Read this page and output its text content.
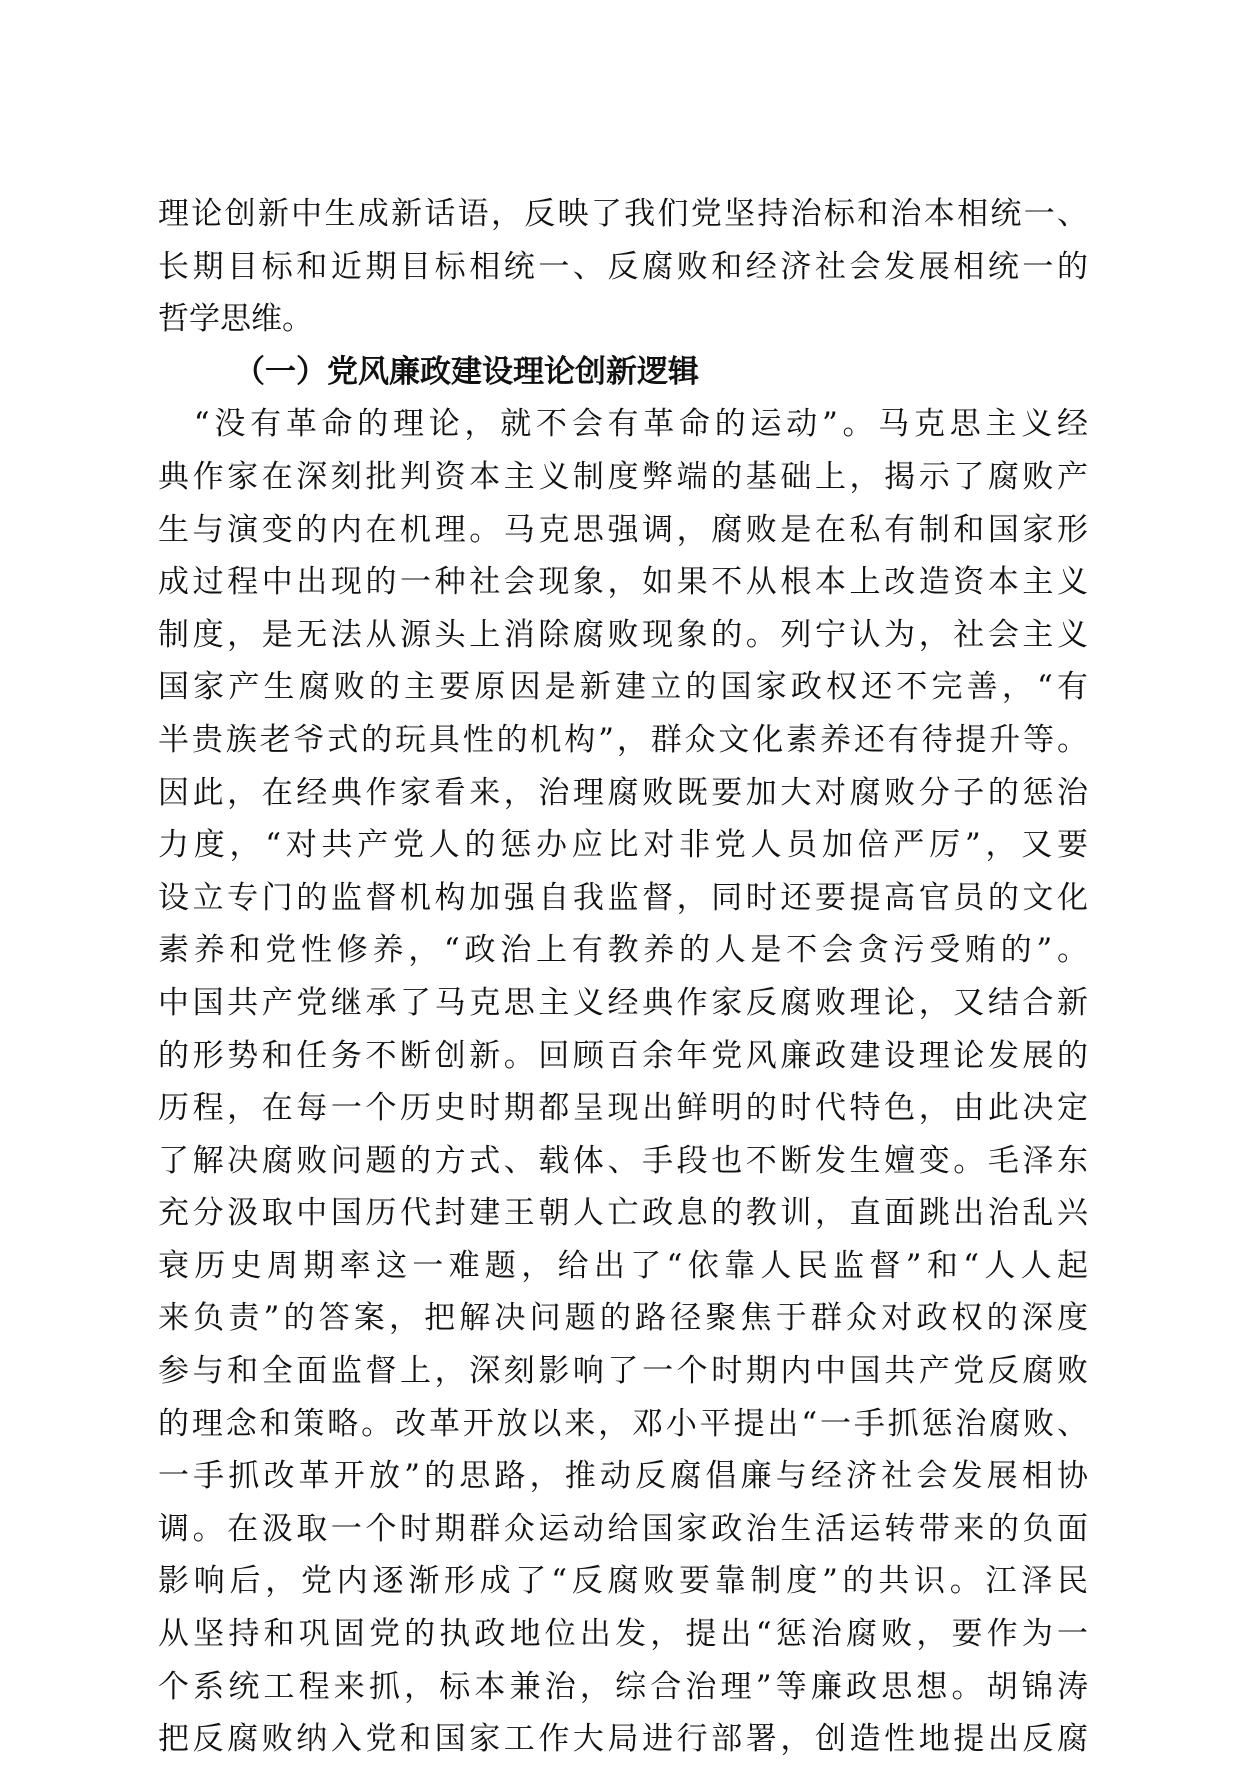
理论创新中生成新话语，反映了我们党坚持治标和治本相统一、
长期目标和近期目标相统一、反腐败和经济社会发展相统一的
哲学思维。
（一）党风廉政建设理论创新逻辑
　“没有革命的理论，就不会有革命的运动”。马克思主义经
典作家在深刻批判资本主义制度弊端的基础上，揭示了腐败产
生与演变的内在机理。马克思强调，腐败是在私有制和国家形
成过程中出现的一种社会现象，如果不从根本上改造资本主义
制度，是无法从源头上消除腐败现象的。列宁认为，社会主义
国家产生腐败的主要原因是新建立的国家政权还不完善，“有
半贵族老爷式的玩具性的机构”，群众文化素养还有待提升等。
因此，在经典作家看来，治理腐败既要加大对腐败分子的惩治
力度，“对共产党人的惩办应比对非党人员加倍严厉”，又要
设立专门的监督机构加强自我监督，同时还要提高官员的文化
素养和党性修养，“政治上有教养的人是不会贪污受贿的”。
中国共产党继承了马克思主义经典作家反腐败理论，又结合新
的形势和任务不断创新。回顾百余年党风廉政建设理论发展的
历程，在每一个历史时期都呈现出鲜明的时代特色，由此决定
了解决腐败问题的方式、载体、手段也不断发生嬗变。毛泽东
充分汲取中国历代封建王朝人亡政息的教训，直面跳出治乱兴
衰历史周期率这一难题，给出了“依靠人民监督”和“人人起
来负责”的答案，把解决问题的路径聚焦于群众对政权的深度
参与和全面监督上，深刻影响了一个时期内中国共产党反腐败
的理念和策略。改革开放以来，邓小平提出“一手抓惩治腐败、
一手抓改革开放”的思路，推动反腐倡廉与经济社会发展相协
调。在汲取一个时期群众运动给国家政治生活运转带来的负面
影响后，党内逐渐形成了“反腐败要靠制度”的共识。江泽民
从坚持和巩固党的执政地位出发，提出“惩治腐败，要作为一
个系统工程来抓，标本兼治，综合治理”等廉政思想。胡锦涛
把反腐败纳入党和国家工作大局进行部署，创造性地提出反腐
